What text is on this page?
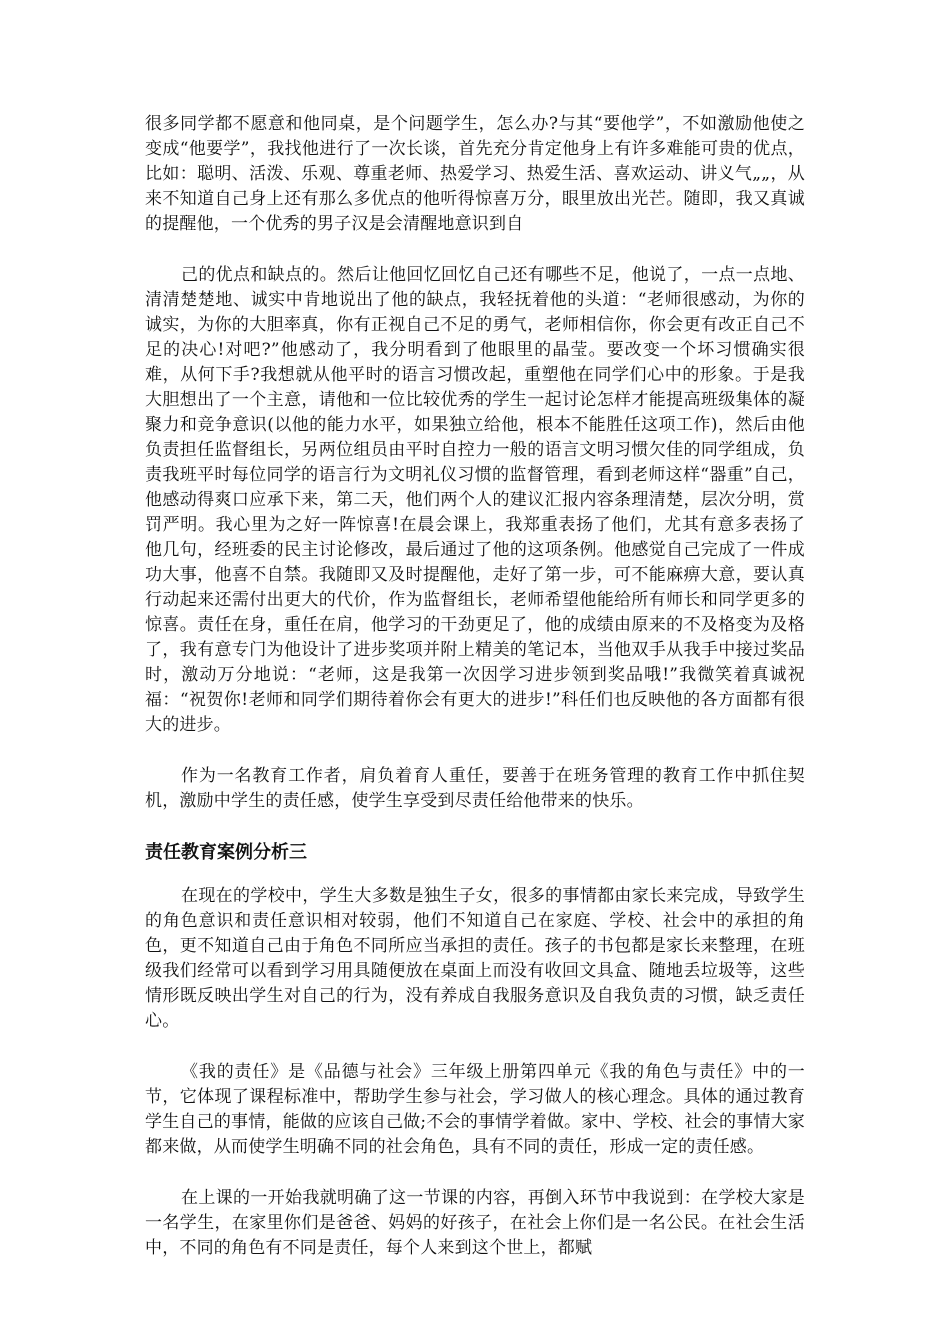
很多同学都不愿意和他同桌，是个问题学生，怎么办?与其“要他学”，不如激励他使之变成“他要学”，我找他进行了一次长谈，首先充分肯定他身上有许多难能可贵的优点，比如：聪明、活泼、乐观、尊重老师、热爱学习、热爱生活、喜欢运动、讲义气„„，从来不知道自己身上还有那么多优点的他听得惊喜万分，眼里放出光芒。随即，我又真诚的提醒他，一个优秀的男子汉是会清醒地意识到自

己的优点和缺点的。然后让他回忆回忆自己还有哪些不足，他说了，一点一点地、清清楚楚地、诚实中肯地说出了他的缺点，我轻抚着他的头道：“老师很感动，为你的诚实，为你的大胆率真，你有正视自己不足的勇气，老师相信你，你会更有改正自己不足的决心!对吧?”他感动了，我分明看到了他眼里的晶莹。要改变一个坏习惯确实很难，从何下手?我想就从他平时的语言习惯改起，重塑他在同学们心中的形象。于是我大胆想出了一个主意，请他和一位比较优秀的学生一起讨论怎样才能提高班级集体的凝聚力和竞争意识(以他的能力水平，如果独立给他，根本不能胜任这项工作)，然后由他负责担任监督组长，另两位组员由平时自控力一般的语言文明习惯欠佳的同学组成，负责我班平时每位同学的语言行为文明礼仪习惯的监督管理，看到老师这样“器重”自己，他感动得爽口应承下来，第二天，他们两个人的建议汇报内容条理清楚，层次分明，赏罚严明。我心里为之好一阵惊喜!在晨会课上，我郑重表扬了他们，尤其有意多表扬了他几句，经班委的民主讨论修改，最后通过了他的这项条例。他感觉自己完成了一件成功大事，他喜不自禁。我随即又及时提醒他，走好了第一步，可不能麻痹大意，要认真行动起来还需付出更大的代价，作为监督组长，老师希望他能给所有师长和同学更多的惊喜。责任在身，重任在肩，他学习的干劲更足了，他的成绩由原来的不及格变为及格了，我有意专门为他设计了进步奖项并附上精美的笔记本，当他双手从我手中接过奖品时，激动万分地说：“老师，这是我第一次因学习进步领到奖品哦!”我微笑着真诚祝福：“祝贺你!老师和同学们期待着你会有更大的进步!”科任们也反映他的各方面都有很大的进步。

作为一名教育工作者，肩负着育人重任，要善于在班务管理的教育工作中抓住契机，激励中学生的责任感，使学生享受到尽责任给他带来的快乐。

责任教育案例分析三

在现在的学校中，学生大多数是独生子女，很多的事情都由家长来完成，导致学生的角色意识和责任意识相对较弱，他们不知道自己在家庭、学校、社会中的承担的角色，更不知道自己由于角色不同所应当承担的责任。孩子的书包都是家长来整理，在班级我们经常可以看到学习用具随便放在桌面上而没有收回文具盒、随地丢垃圾等，这些情形既反映出学生对自己的行为，没有养成自我服务意识及自我负责的习惯，缺乏责任心。

《我的责任》是《品德与社会》三年级上册第四单元《我的角色与责任》中的一节，它体现了课程标准中，帮助学生参与社会，学习做人的核心理念。具体的通过教育学生自己的事情，能做的应该自己做;不会的事情学着做。家中、学校、社会的事情大家都来做，从而使学生明确不同的社会角色，具有不同的责任，形成一定的责任感。

在上课的一开始我就明确了这一节课的内容，再倒入环节中我说到：在学校大家是一名学生，在家里你们是爸爸、妈妈的好孩子，在社会上你们是一名公民。在社会生活中，不同的角色有不同是责任，每个人来到这个世上，都赋
